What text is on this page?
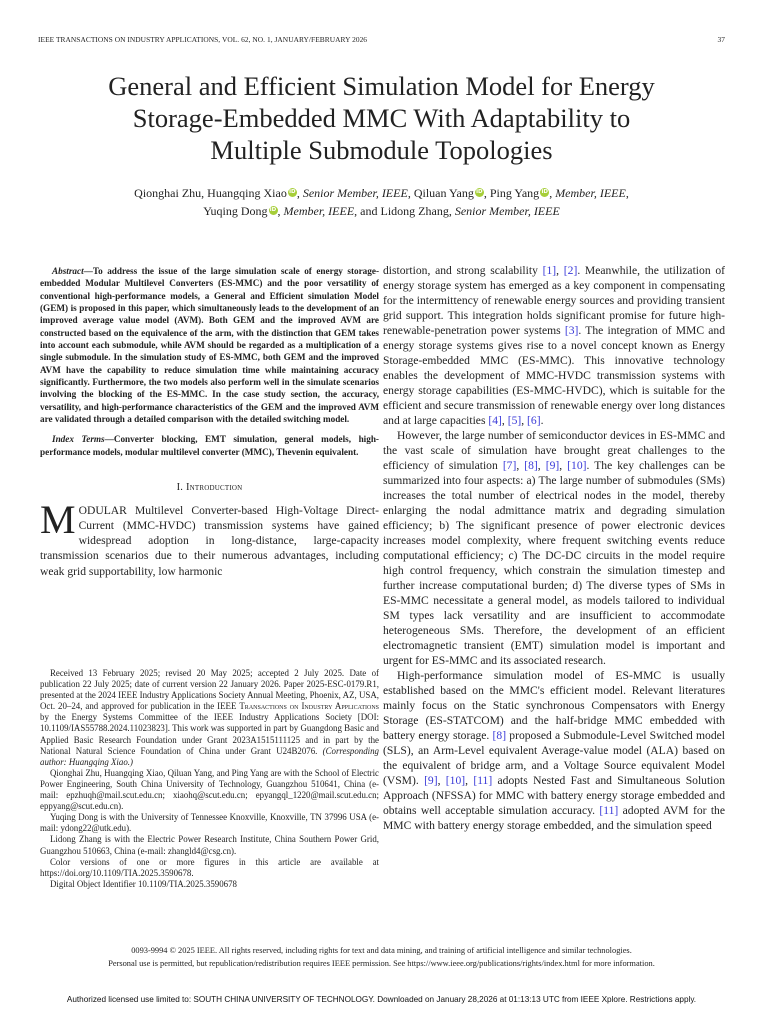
IEEE TRANSACTIONS ON INDUSTRY APPLICATIONS, VOL. 62, NO. 1, JANUARY/FEBRUARY 2026	37
General and Efficient Simulation Model for Energy
Storage-Embedded MMC With Adaptability to
Multiple Submodule Topologies
Qionghai Zhu, Huangqing Xiao iD, Senior Member, IEEE, Qiluan Yang iD, Ping Yang iD, Member, IEEE,
Yuqing Dong iD, Member, IEEE, and Lidong Zhang, Senior Member, IEEE

Abstract—To address the issue of the large simulation scale of energy storage-embedded Modular Multilevel Converters (ES-MMC) and the poor versatility of conventional high-performance models, a General and Efficient simulation Model (GEM) is proposed in this paper, which simultaneously leads to the development of an improved average value model (AVM). Both GEM and the improved AVM are constructed based on the equivalence of the arm, with the distinction that GEM takes into account each submodule, while AVM should be regarded as a multiplication of a single submodule. In the simulation study of ES-MMC, both GEM and the improved AVM have the capability to reduce simulation time while maintaining accuracy significantly. Furthermore, the two models also perform well in the simulate scenarios involving the blocking of the ES-MMC. In the case study section, the accuracy, versatility, and high-performance characteristics of the GEM and the improved AVM are validated through a detailed comparison with the detailed switching model.

Index Terms—Converter blocking, EMT simulation, general models, high-performance models, modular multilevel converter (MMC), Thevenin equivalent.

I. Introduction

MODULAR Multilevel Converter-based High-Voltage Direct-Current (MMC-HVDC) transmission systems have gained widespread adoption in long-distance, large-capacity transmission scenarios due to their numerous advantages, including weak grid supportability, low harmonic

Received 13 February 2025; revised 20 May 2025; accepted 2 July 2025. Date of publication 22 July 2025; date of current version 22 January 2026. Paper 2025-ESC-0179.R1, presented at the 2024 IEEE Industry Applications Society Annual Meeting, Phoenix, AZ, USA, Oct. 20–24, and approved for publication in the IEEE Transactions on Industry Applications by the Energy Systems Committee of the IEEE Industry Applications Society [DOI: 10.1109/IAS55788.2024.11023823]. This work was supported in part by Guangdong Basic and Applied Basic Research Foundation under Grant 2023A1515111125 and in part by the National Natural Science Foundation of China under Grant U24B2076. (Corresponding author: Huangqing Xiao.)

Qionghai Zhu, Huangqing Xiao, Qiluan Yang, and Ping Yang are with the School of Electric Power Engineering, South China University of Technology, Guangzhou 510641, China (e-mail: epzhuqh@mail.scut.edu.cn; xiaohq@scut.edu.cn; epyangql_1220@mail.scut.edu.cn; eppyang@scut.edu.cn).

Yuqing Dong is with the University of Tennessee Knoxville, Knoxville, TN 37996 USA (e-mail: ydong22@utk.edu).

Lidong Zhang is with the Electric Power Research Institute, China Southern Power Grid, Guangzhou 510663, China (e-mail: zhangld4@csg.cn).

Color versions of one or more figures in this article are available at https://doi.org/10.1109/TIA.2025.3590678.

Digital Object Identifier 10.1109/TIA.2025.3590678

distortion, and strong scalability [1], [2]. Meanwhile, the utilization of energy storage system has emerged as a key component in compensating for the intermittency of renewable energy sources and providing transient grid support. This integration holds significant promise for future high-renewable-penetration power systems [3]. The integration of MMC and energy storage systems gives rise to a novel concept known as Energy Storage-embedded MMC (ES-MMC). This innovative technology enables the development of MMC-HVDC transmission systems with energy storage capabilities (ES-MMC-HVDC), which is suitable for the efficient and secure transmission of renewable energy over long distances and at large capacities [4], [5], [6].

However, the large number of semiconductor devices in ES-MMC and the vast scale of simulation have brought great challenges to the efficiency of simulation [7], [8], [9], [10]. The key challenges can be summarized into four aspects: a) The large number of submodules (SMs) increases the total number of electrical nodes in the model, thereby enlarging the nodal admittance matrix and degrading simulation efficiency; b) The significant presence of power electronic devices increases model complexity, where frequent switching events reduce computational efficiency; c) The DC-DC circuits in the model require high control frequency, which constrain the simulation timestep and further increase computational burden; d) The diverse types of SMs in ES-MMC necessitate a general model, as models tailored to individual SM types lack versatility and are insufficient to accommodate heterogeneous SMs. Therefore, the development of an efficient electromagnetic transient (EMT) simulation model is important and urgent for ES-MMC and its associated research.

High-performance simulation model of ES-MMC is usually established based on the MMC's efficient model. Relevant literatures mainly focus on the Static synchronous Compensators with Energy Storage (ES-STATCOM) and the half-bridge MMC embedded with battery energy storage. [8] proposed a Submodule-Level Switched model (SLS), an Arm-Level equivalent Average-value model (ALA) based on the equivalent of bridge arm, and a Voltage Source equivalent Model (VSM). [9], [10], [11] adopts Nested Fast and Simultaneous Solution Approach (NFSSA) for MMC with battery energy storage embedded and obtains well acceptable simulation accuracy. [11] adopted AVM for the MMC with battery energy storage embedded, and the simulation speed

0093-9994 © 2025 IEEE. All rights reserved, including rights for text and data mining, and training of artificial intelligence and similar technologies.
Personal use is permitted, but republication/redistribution requires IEEE permission. See https://www.ieee.org/publications/rights/index.html for more information.
Authorized licensed use limited to: SOUTH CHINA UNIVERSITY OF TECHNOLOGY. Downloaded on January 28,2026 at 01:13:13 UTC from IEEE Xplore. Restrictions apply.
